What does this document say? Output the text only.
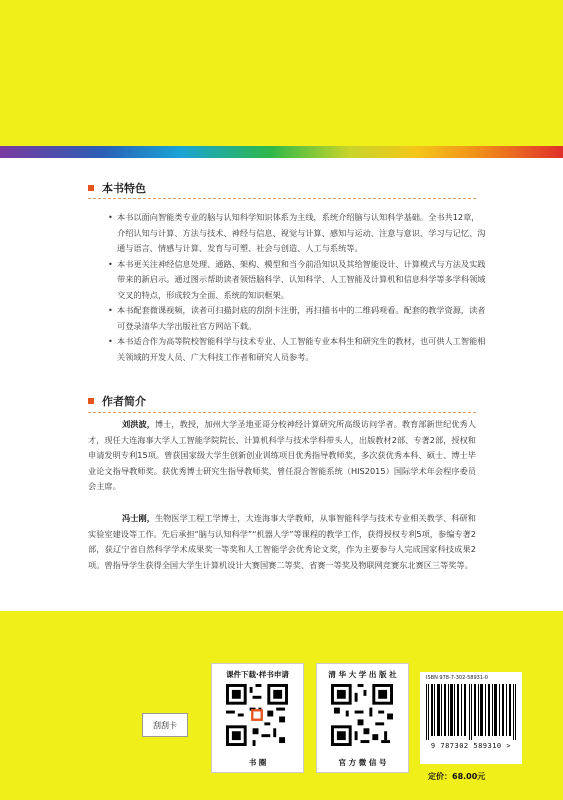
本书特色
• 本书以面向智能类专业的脑与认知科学知识体系为主线，系统介绍脑与认知科学基础。全书共12章，介绍认知与计算、方法与技术、神经与信息、视觉与计算、感知与运动、注意与意识、学习与记忆、沟通与语言、情感与计算、发育与可塑、社会与创造、人工与系统等。
• 本书更关注神经信息处理、通路、架构、模型和当今前沿知识及其给智能设计、计算模式与方法及实践带来的新启示。通过图示帮助读者领悟脑科学、认知科学、人工智能及计算机和信息科学等多学科领域交叉的特点，形成较为全面、系统的知识框架。
• 本书配套微课视频，读者可扫描封底的刮刮卡注册，再扫描书中的二维码观看。配套的教学资源，读者可登录清华大学出版社官方网站下载。
• 本书适合作为高等院校智能科学与技术专业、人工智能专业本科生和研究生的教材，也可供人工智能相关领域的开发人员、广大科技工作者和研究人员参考。
作者简介

刘洪波，博士，教授，加州大学圣地亚哥分校神经计算研究所高级访问学者。教育部新世纪优秀人才，现任大连海事大学人工智能学院院长、计算机科学与技术学科带头人，出版教材2部、专著2部，授权和申请发明专利15项。曾获国家级大学生创新创业训练项目优秀指导教师奖，多次获优秀本科、硕士、博士毕业论文指导教师奖。获优秀博士研究生指导教师奖，曾任混合智能系统（HIS2015）国际学术年会程序委员会主席。

冯士刚，生物医学工程工学博士，大连海事大学教师，从事智能科学与技术专业相关教学、科研和实验室建设等工作。先后承担“脑与认知科学”“机器人学”等课程的教学工作，获得授权专利5项，参编专著2部，获辽宁省自然科学学术成果奖一等奖和人工智能学会优秀论文奖，作为主要参与人完成国家科技成果2项。曾指导学生获得全国大学生计算机设计大赛国赛二等奖、省赛一等奖及物联网竞赛东北赛区三等奖等。

刮刮卡
课件下载·样书申请
书 圈
清 华 大 学 出 版 社
官 方 微 信 号
ISBN 978-7-302-58931-0
9 787302 589310 >
定价：68.00元
